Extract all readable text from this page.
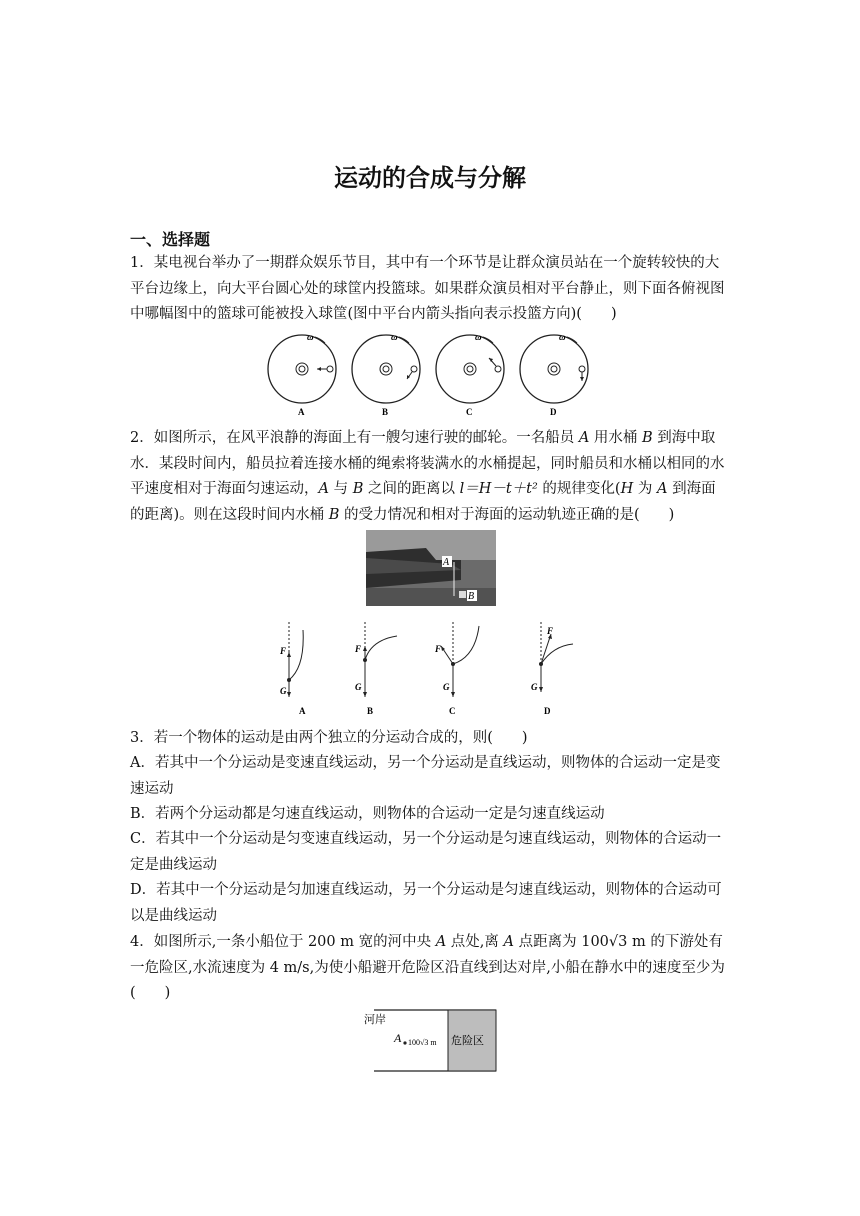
运动的合成与分解
一、选择题
1．某电视台举办了一期群众娱乐节目，其中有一个环节是让群众演员站在一个旋转较快的大平台边缘上，向大平台圆心处的球筐内投篮球。如果群众演员相对平台静止，则下面各俯视图中哪幅图中的篮球可能被投入球筐(图中平台内箭头指向表示投篮方向)(　　)
ω
A
ω
B
ω
C
ω
D
2．如图所示，在风平浪静的海面上有一艘匀速行驶的邮轮。一名船员 A 用水桶 B 到海中取水．某段时间内，船员拉着连接水桶的绳索将装满水的水桶提起，同时船员和水桶以相同的水平速度相对于海面匀速运动，A 与 B 之间的距离以 l＝H－t＋t² 的规律变化(H 为 A 到海面的距离)。则在这段时间内水桶 B 的受力情况和相对于海面的运动轨迹正确的是(　　)
A
B
F
G
A
F
G
B
F
G
C
F
G
D
3．若一个物体的运动是由两个独立的分运动合成的，则(　　)
A．若其中一个分运动是变速直线运动，另一个分运动是直线运动，则物体的合运动一定是变速运动
B．若两个分运动都是匀速直线运动，则物体的合运动一定是匀速直线运动
C．若其中一个分运动是匀变速直线运动，另一个分运动是匀速直线运动，则物体的合运动一定是曲线运动
D．若其中一个分运动是匀加速直线运动，另一个分运动是匀速直线运动，则物体的合运动可以是曲线运动
4．如图所示,一条小船位于 200 m 宽的河中央 A 点处,离 A 点距离为 100√3 m 的下游处有一危险区,水流速度为 4 m/s,为使小船避开危险区沿直线到达对岸,小船在静水中的速度至少为(　　)
河岸
A 100√3 m 危险区
